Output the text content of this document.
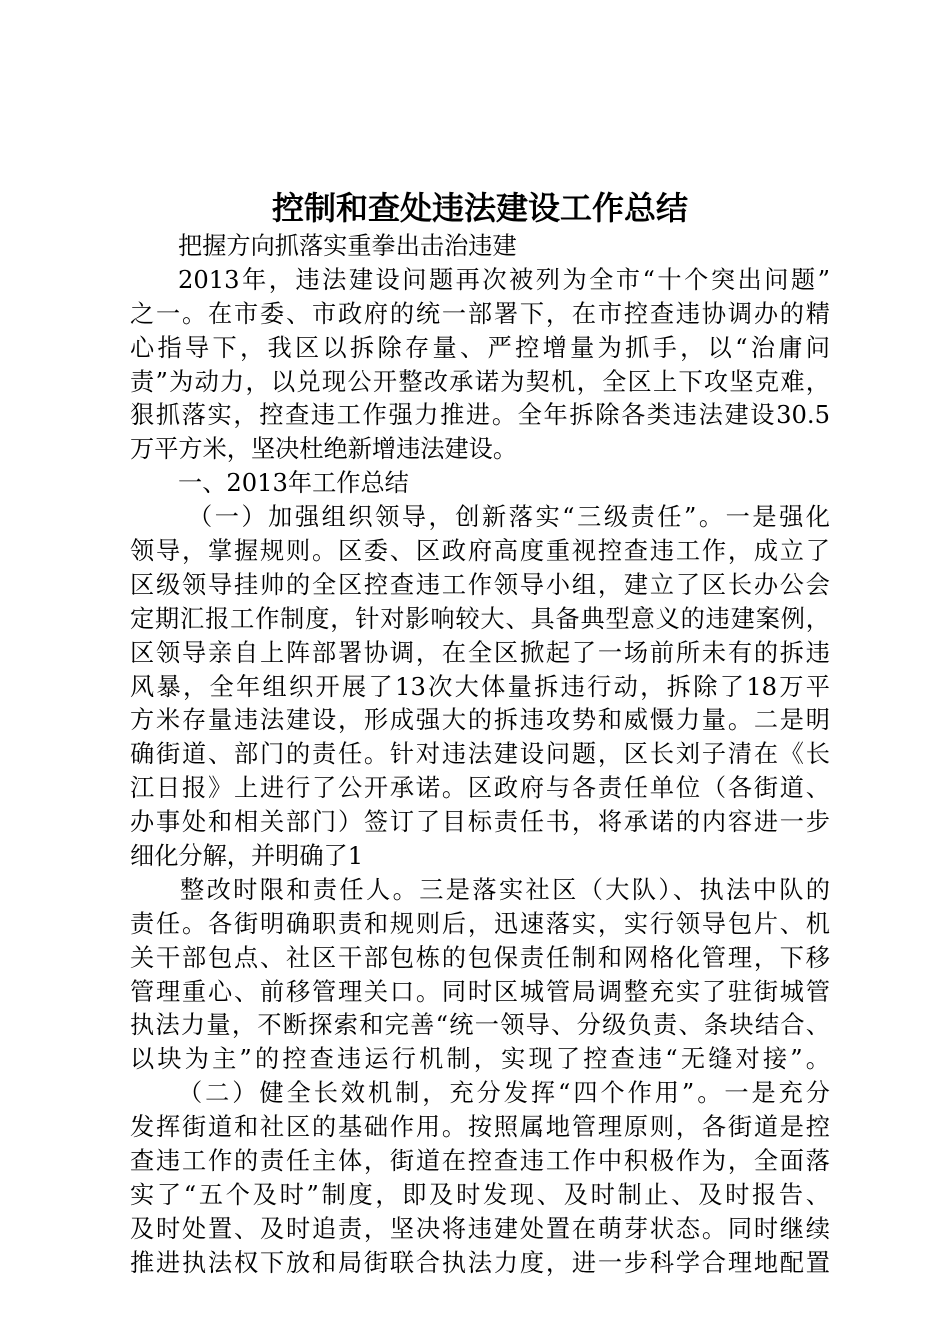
控制和查处违法建设工作总结
把握方向抓落实重拳出击治违建
2013年，违法建设问题再次被列为全市“十个突出问题”
之一。在市委、市政府的统一部署下，在市控查违协调办的精
心指导下，我区以拆除存量、严控增量为抓手，以“治庸问
责”为动力，以兑现公开整改承诺为契机，全区上下攻坚克难，
狠抓落实，控查违工作强力推进。全年拆除各类违法建设30.5
万平方米，坚决杜绝新增违法建设。
一、2013年工作总结
（一）加强组织领导，创新落实“三级责任”。一是强化
领导，掌握规则。区委、区政府高度重视控查违工作，成立了
区级领导挂帅的全区控查违工作领导小组，建立了区长办公会
定期汇报工作制度，针对影响较大、具备典型意义的违建案例，
区领导亲自上阵部署协调，在全区掀起了一场前所未有的拆违
风暴，全年组织开展了13次大体量拆违行动，拆除了18万平
方米存量违法建设，形成强大的拆违攻势和威慑力量。二是明
确街道、部门的责任。针对违法建设问题，区长刘子清在《长
江日报》上进行了公开承诺。区政府与各责任单位（各街道、
办事处和相关部门）签订了目标责任书，将承诺的内容进一步
细化分解，并明确了1
整改时限和责任人。三是落实社区（大队）、执法中队的
责任。各街明确职责和规则后，迅速落实，实行领导包片、机
关干部包点、社区干部包栋的包保责任制和网格化管理，下移
管理重心、前移管理关口。同时区城管局调整充实了驻街城管
执法力量，不断探索和完善“统一领导、分级负责、条块结合、
以块为主”的控查违运行机制，实现了控查违“无缝对接”。
（二）健全长效机制，充分发挥“四个作用”。一是充分
发挥街道和社区的基础作用。按照属地管理原则，各街道是控
查违工作的责任主体，街道在控查违工作中积极作为，全面落
实了“五个及时”制度，即及时发现、及时制止、及时报告、
及时处置、及时追责，坚决将违建处置在萌芽状态。同时继续
推进执法权下放和局街联合执法力度，进一步科学合理地配置
